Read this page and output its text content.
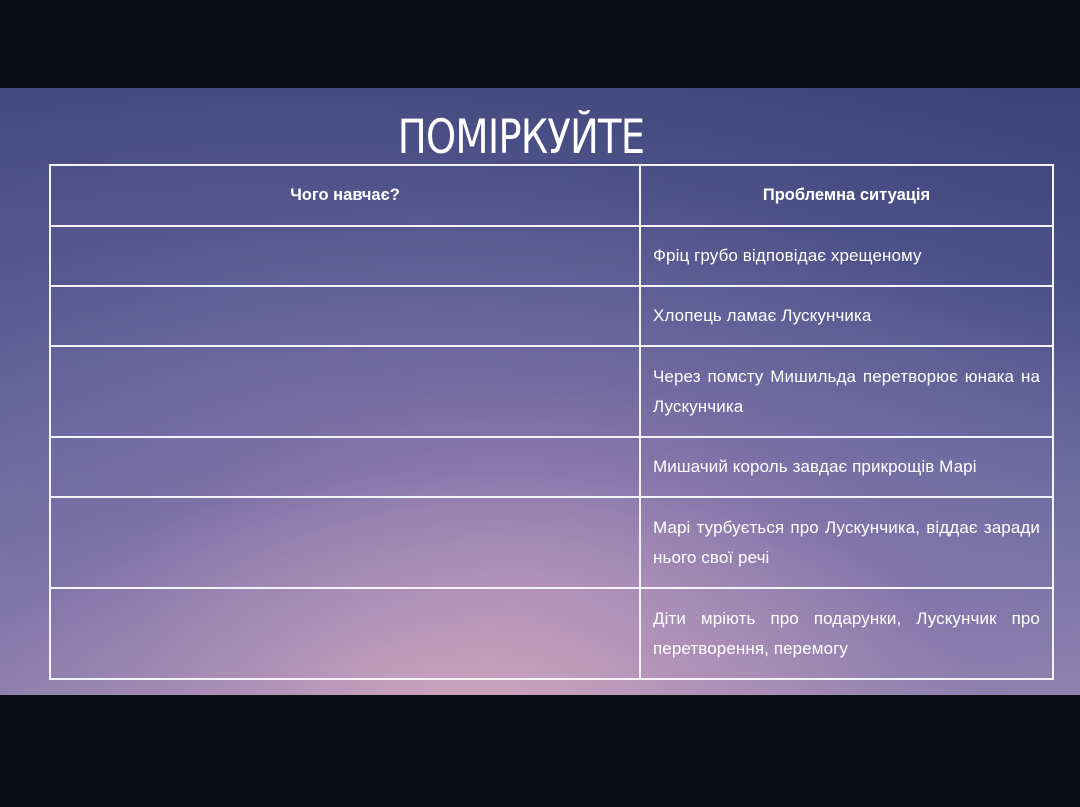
ПОМІРКУЙТЕ
Чого навчає?	Проблемна ситуація
	Фріц грубо відповідає хрещеному
	Хлопець ламає Лускунчика
	Через помсту Мишильда перетворює юнака на Лускунчика
	Мишачий король завдає прикрощів Марі
	Марі турбується про Лускунчика, віддає заради нього свої речі
	Діти мріють про подарунки, Лускунчик про перетворення, перемогу
